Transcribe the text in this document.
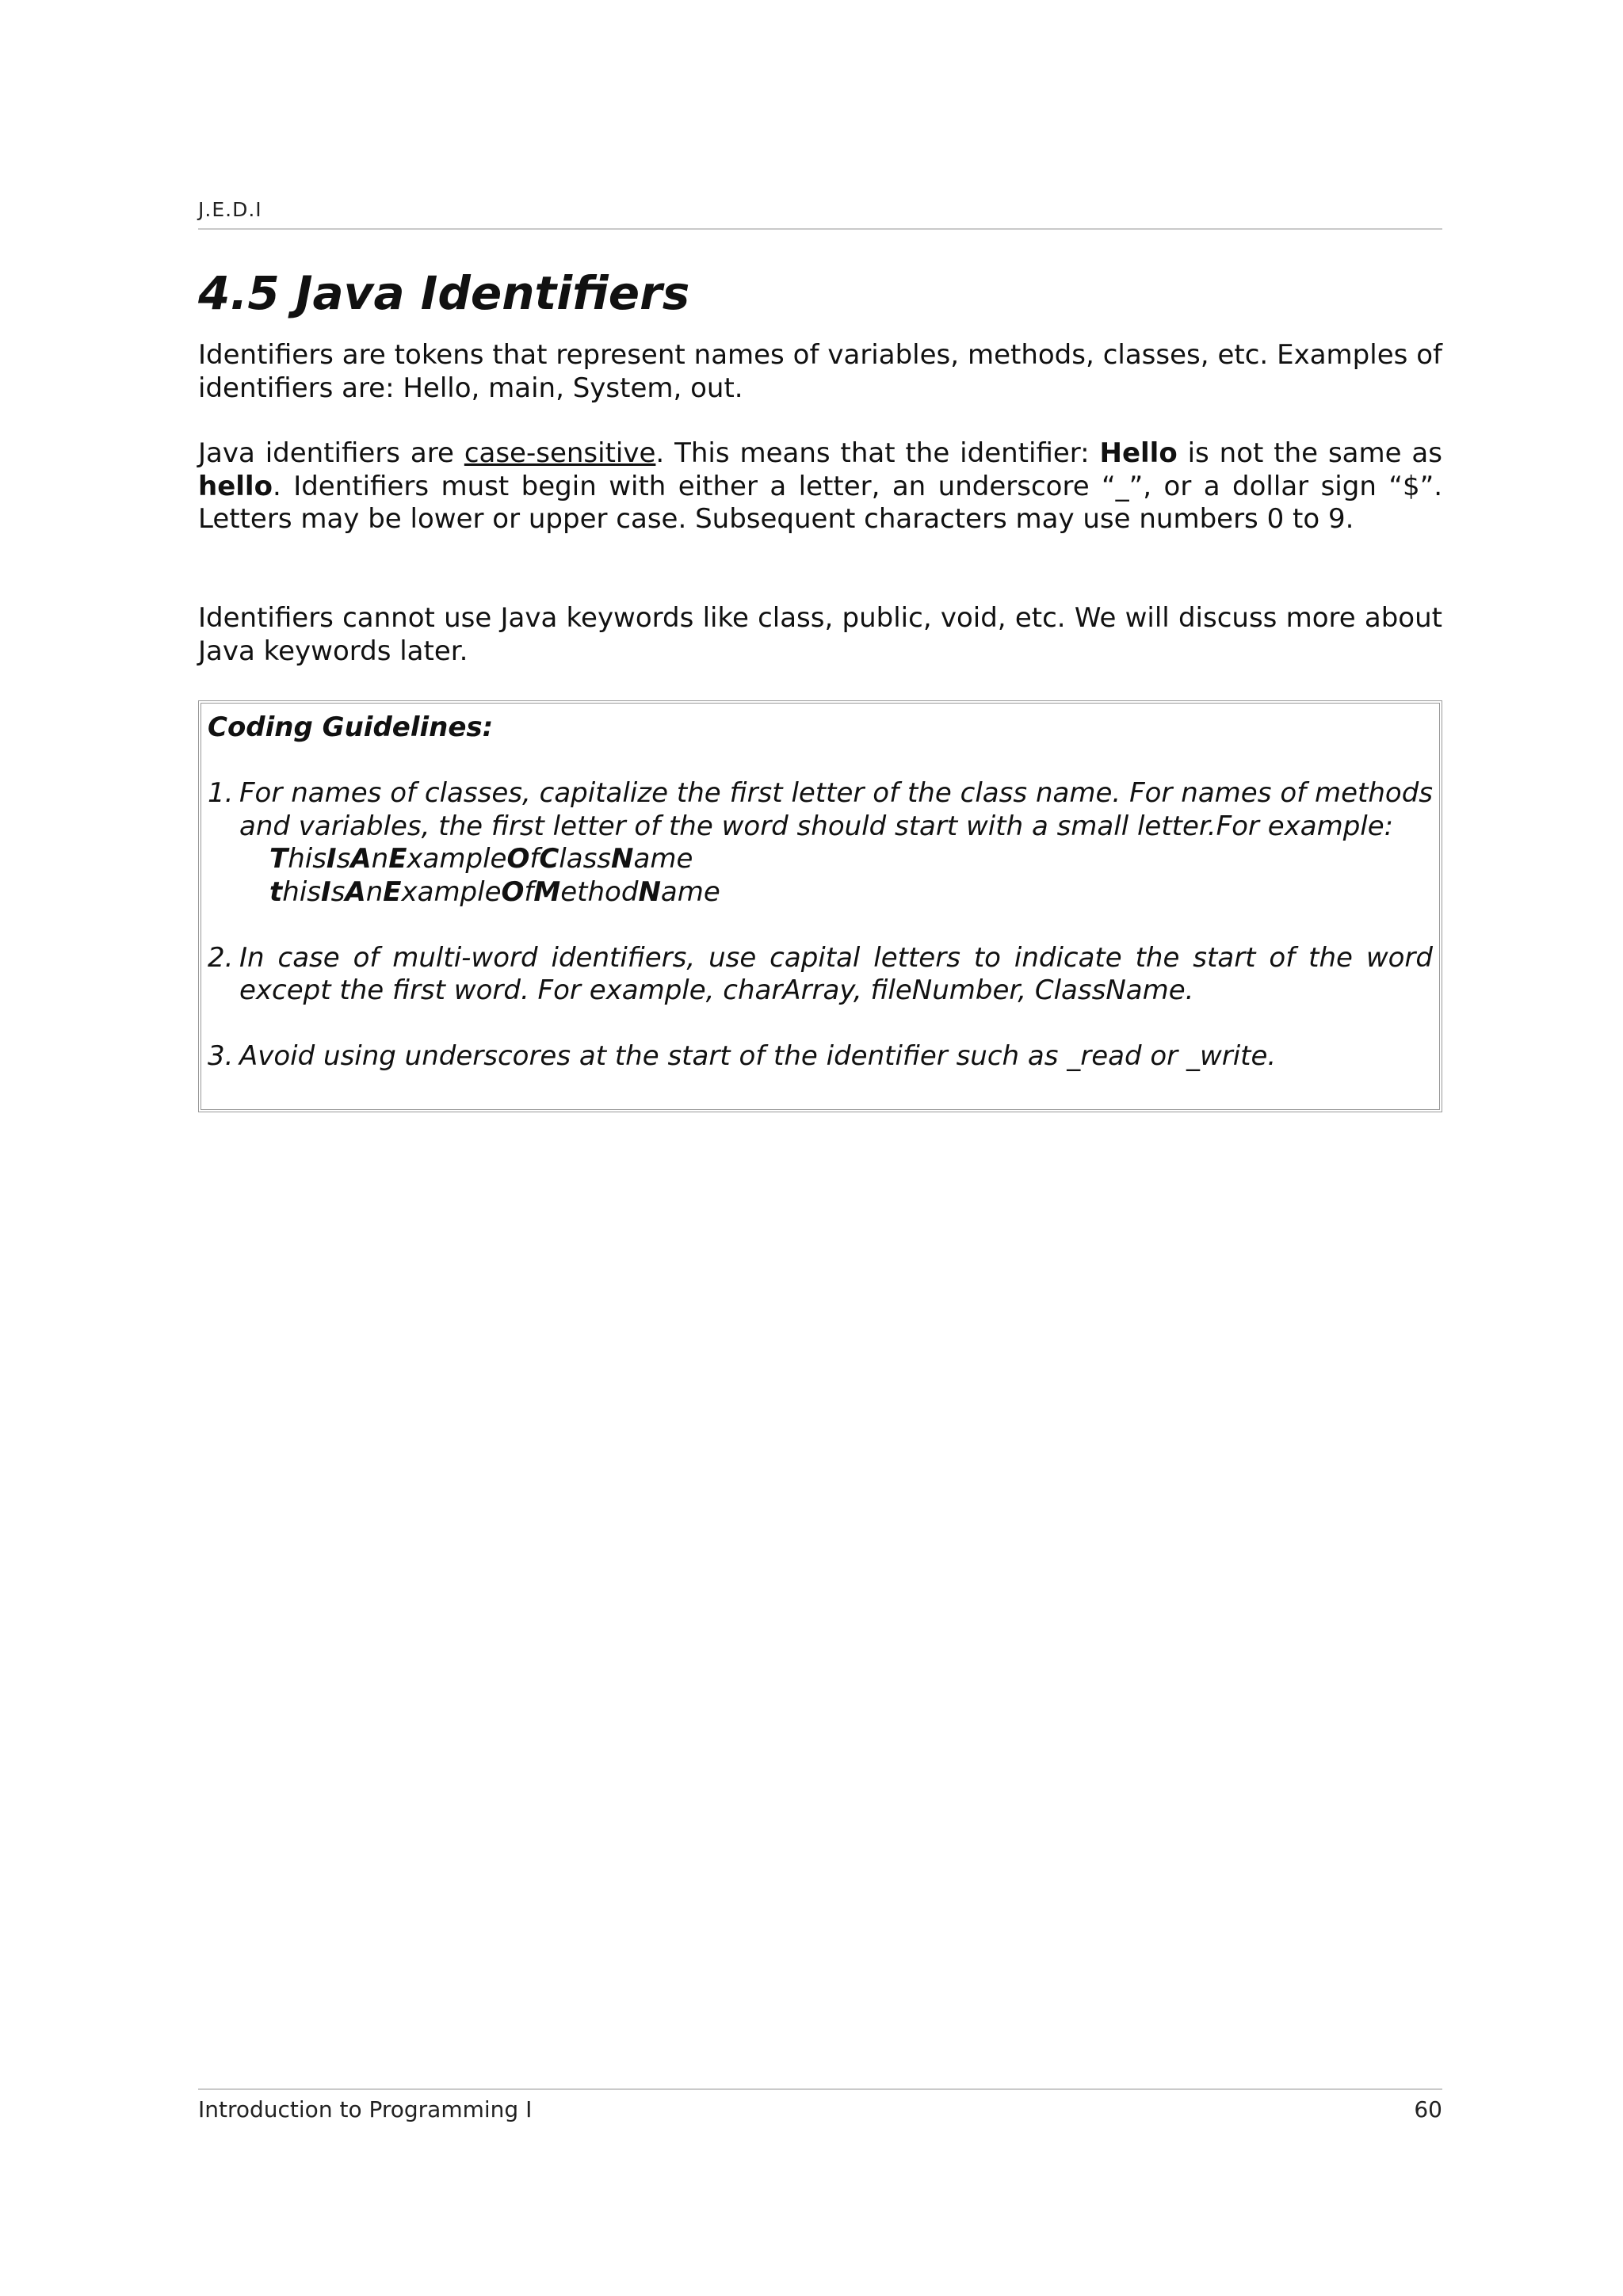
J.E.D.I
4.5 Java Identifiers

Identifiers are tokens that represent names of variables, methods, classes, etc. Examples of identifiers are: Hello, main, System, out.

Java identifiers are case-sensitive. This means that the identifier: Hello is not the same as hello. Identifiers must begin with either a letter, an underscore “_”, or a dollar sign “$”. Letters may be lower or upper case. Subsequent characters may use numbers 0 to 9.

Identifiers cannot use Java keywords like class, public, void, etc. We will discuss more about Java keywords later.

Coding Guidelines:

1. For names of classes, capitalize the first letter of the class name. For names of methods and variables, the first letter of the word should start with a small letter.For example:

ThisIsAnExampleOfClassName

thisIsAnExampleOfMethodName

2. In case of multi-word identifiers, use capital letters to indicate the start of the word except the first word. For example, charArray, fileNumber, ClassName.
3. Avoid using underscores at the start of the identifier such as _read or _write.
Introduction to Programming I	60
